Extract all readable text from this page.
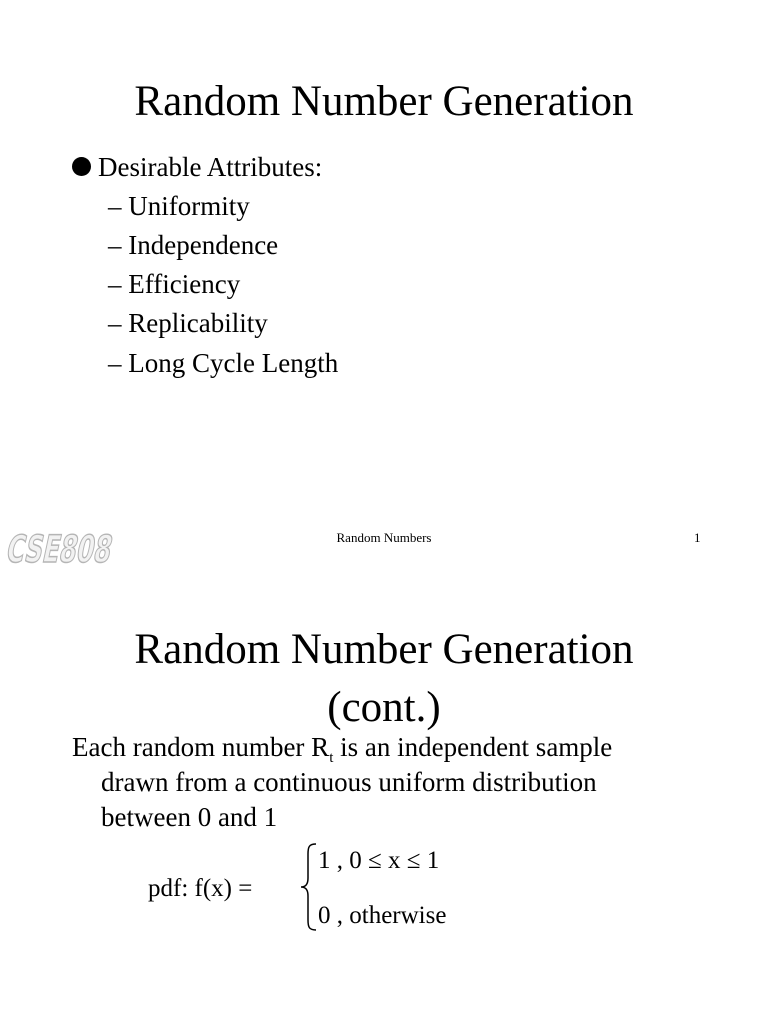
Random Number Generation
Desirable Attributes:
– Uniformity
– Independence
– Efficiency
– Replicability
– Long Cycle Length
CSE808	Random Numbers	1
Random Number Generation
(cont.)
Each random number $R_t$ is an independent sample
drawn from a continuous uniform distribution
between 0 and 1
pdf: f(x) =
1 , 0 ≤ x ≤ 1
0 , otherwise
